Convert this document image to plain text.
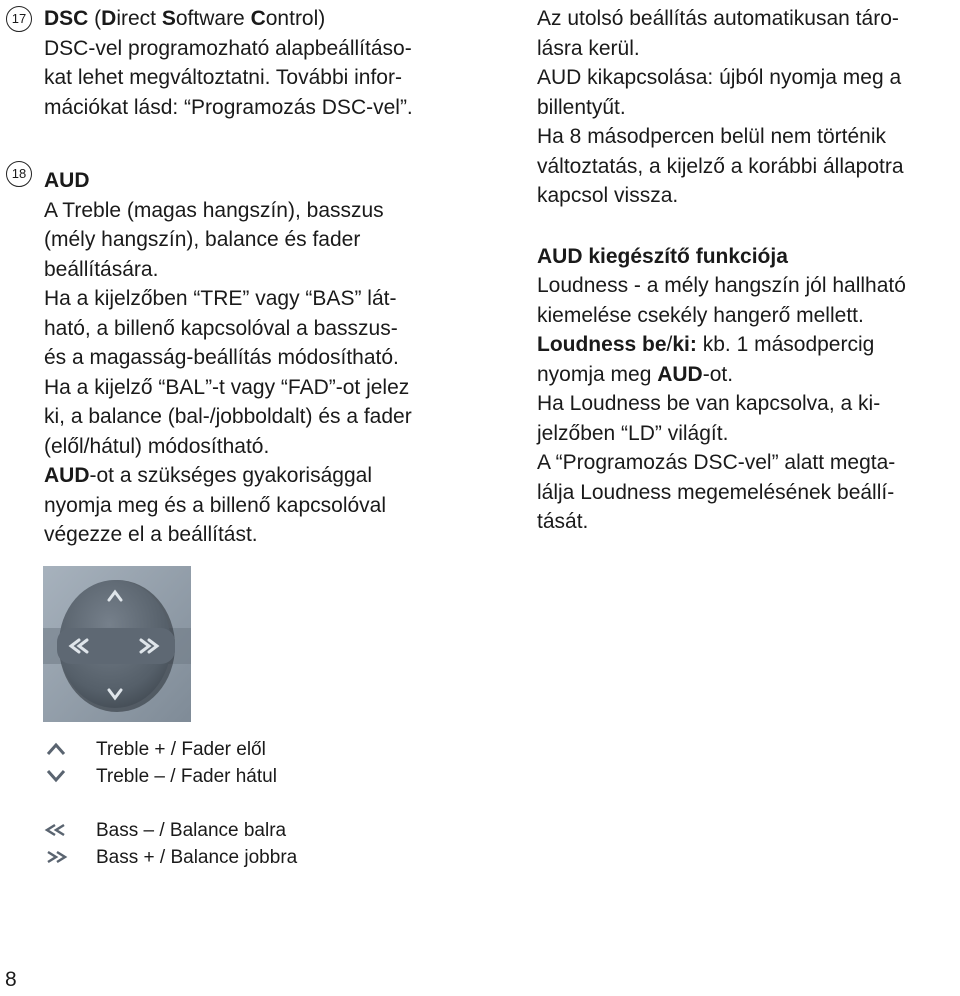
17
18
DSC (Direct Software Control)
DSC-vel programozható alapbeállításo-
kat lehet megváltoztatni. További infor-
mációkat lásd: “Programozás DSC-vel”.
AUD
A Treble (magas hangszín), basszus
(mély hangszín), balance és fader
beállítására.
Ha a kijelzőben “TRE” vagy “BAS” lát-
ható, a billenő kapcsolóval a basszus-
és a magasság-beállítás módosítható.
Ha a kijelző “BAL”-t vagy “FAD”-ot jelez
ki, a balance (bal-/jobboldalt) és a fader
(elől/hátul) módosítható.
AUD-ot a szükséges gyakorisággal
nyomja meg és a billenő kapcsolóval
végezze el a beállítást.
Az utolsó beállítás automatikusan táro-
lásra kerül.
AUD kikapcsolása: újból nyomja meg a
billentyűt.
Ha 8 másodpercen belül nem történik
változtatás, a kijelző a korábbi állapotra
kapcsol vissza.
AUD kiegészítő funkciója
Loudness - a mély hangszín jól hallható
kiemelése csekély hangerő mellett.
Loudness be/ki: kb. 1 másodpercig
nyomja meg AUD-ot.
Ha Loudness be van kapcsolva, a ki-
jelzőben “LD” világít.
A “Programozás DSC-vel” alatt megta-
lálja Loudness megemelésének beállí-
tását.
Treble + / Fader elől
Treble – / Fader hátul
Bass – / Balance balra
Bass + / Balance jobbra
8
